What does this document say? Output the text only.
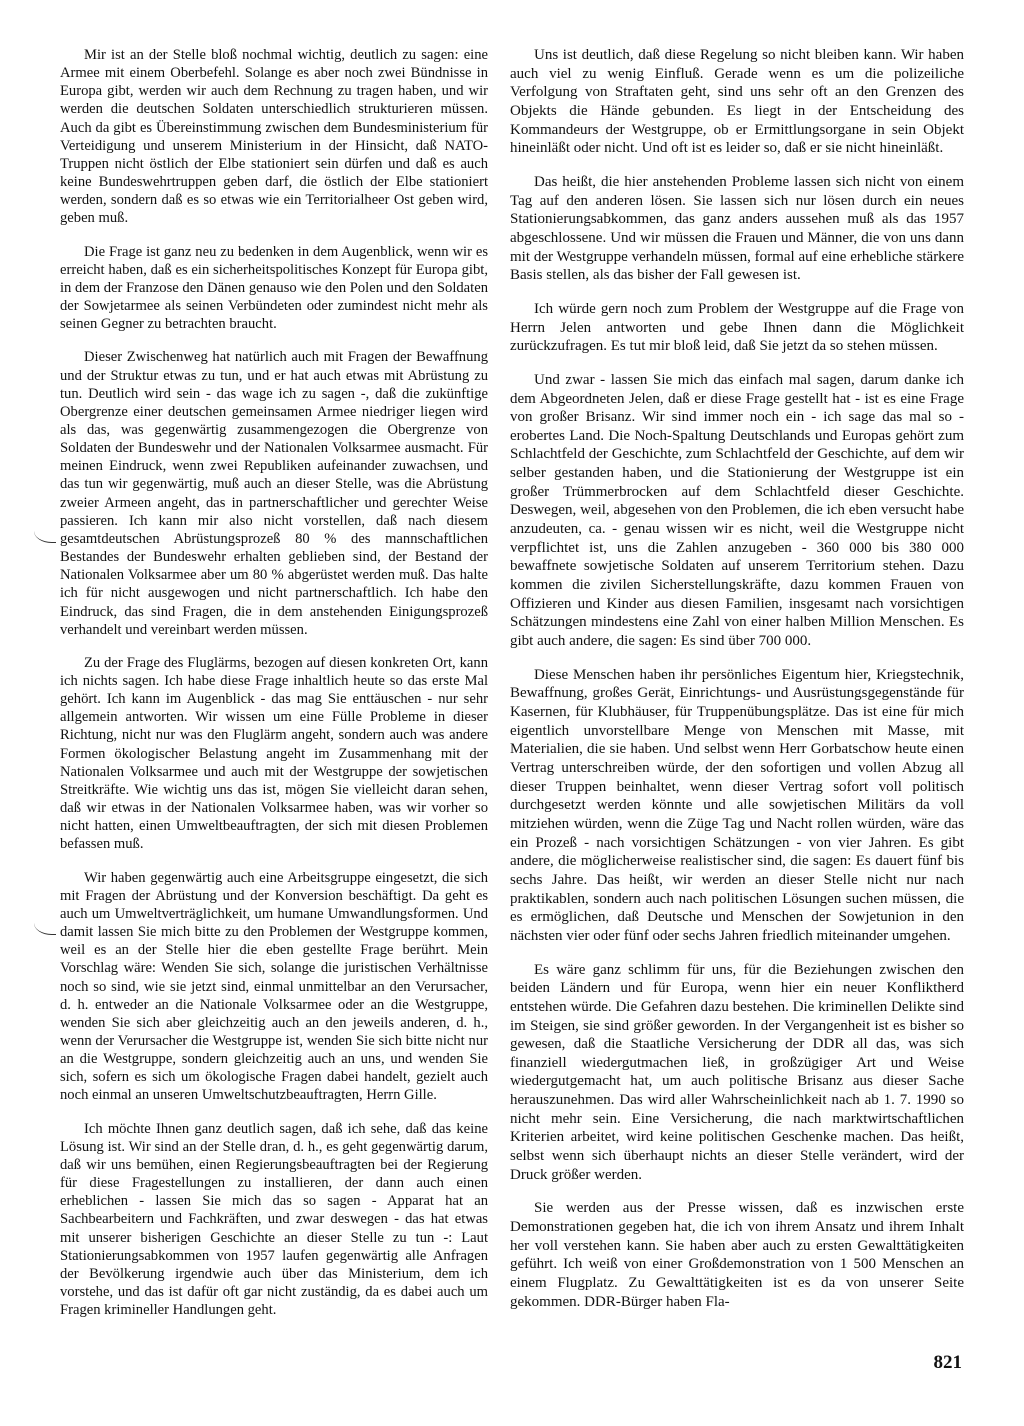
Mir ist an der Stelle bloß nochmal wichtig, deutlich zu sagen: eine Armee mit einem Oberbefehl. Solange es aber noch zwei Bündnisse in Europa gibt, werden wir auch dem Rechnung zu tragen haben, und wir werden die deutschen Soldaten unterschiedlich strukturieren müssen. Auch da gibt es Übereinstimmung zwischen dem Bundesministerium für Verteidigung und unserem Ministerium in der Hinsicht, daß NATO-Truppen nicht östlich der Elbe stationiert sein dürfen und daß es auch keine Bundeswehrtruppen geben darf, die östlich der Elbe stationiert werden, sondern daß es so etwas wie ein Territorialheer Ost geben wird, geben muß.

Die Frage ist ganz neu zu bedenken in dem Augenblick, wenn wir es erreicht haben, daß es ein sicherheitspolitisches Konzept für Europa gibt, in dem der Franzose den Dänen genauso wie den Polen und den Soldaten der Sowjetarmee als seinen Verbündeten oder zumindest nicht mehr als seinen Gegner zu betrachten braucht.

Dieser Zwischenweg hat natürlich auch mit Fragen der Bewaffnung und der Struktur etwas zu tun, und er hat auch etwas mit Abrüstung zu tun. Deutlich wird sein - das wage ich zu sagen -, daß die zukünftige Obergrenze einer deutschen gemeinsamen Armee niedriger liegen wird als das, was gegenwärtig zusammengezogen die Obergrenze von Soldaten der Bundeswehr und der Nationalen Volksarmee ausmacht. Für meinen Eindruck, wenn zwei Republiken aufeinander zuwachsen, und das tun wir gegenwärtig, muß auch an dieser Stelle, was die Abrüstung zweier Armeen angeht, das in partnerschaftlicher und gerechter Weise passieren. Ich kann mir also nicht vorstellen, daß nach diesem gesamtdeutschen Abrüstungsprozeß 80 % des mannschaftlichen Bestandes der Bundeswehr erhalten geblieben sind, der Bestand der Nationalen Volksarmee aber um 80 % abgerüstet werden muß. Das halte ich für nicht ausgewogen und nicht partnerschaftlich. Ich habe den Eindruck, das sind Fragen, die in dem anstehenden Einigungsprozeß verhandelt und vereinbart werden müssen.

Zu der Frage des Fluglärms, bezogen auf diesen konkreten Ort, kann ich nichts sagen. Ich habe diese Frage inhaltlich heute so das erste Mal gehört. Ich kann im Augenblick - das mag Sie enttäuschen - nur sehr allgemein antworten. Wir wissen um eine Fülle Probleme in dieser Richtung, nicht nur was den Fluglärm angeht, sondern auch was andere Formen ökologischer Belastung angeht im Zusammenhang mit der Nationalen Volksarmee und auch mit der Westgruppe der sowjetischen Streitkräfte. Wie wichtig uns das ist, mögen Sie vielleicht daran sehen, daß wir etwas in der Nationalen Volksarmee haben, was wir vorher so nicht hatten, einen Umweltbeauftragten, der sich mit diesen Problemen befassen muß.

Wir haben gegenwärtig auch eine Arbeitsgruppe eingesetzt, die sich mit Fragen der Abrüstung und der Konversion beschäftigt. Da geht es auch um Umweltverträglichkeit, um humane Umwandlungsformen. Und damit lassen Sie mich bitte zu den Problemen der Westgruppe kommen, weil es an der Stelle hier die eben gestellte Frage berührt. Mein Vorschlag wäre: Wenden Sie sich, solange die juristischen Verhältnisse noch so sind, wie sie jetzt sind, einmal unmittelbar an den Verursacher, d. h. entweder an die Nationale Volksarmee oder an die Westgruppe, wenden Sie sich aber gleichzeitig auch an den jeweils anderen, d. h., wenn der Verursacher die Westgruppe ist, wenden Sie sich bitte nicht nur an die Westgruppe, sondern gleichzeitig auch an uns, und wenden Sie sich, sofern es sich um ökologische Fragen dabei handelt, gezielt auch noch einmal an unseren Umweltschutzbeauftragten, Herrn Gille.

Ich möchte Ihnen ganz deutlich sagen, daß ich sehe, daß das keine Lösung ist. Wir sind an der Stelle dran, d. h., es geht gegenwärtig darum, daß wir uns bemühen, einen Regierungsbeauftragten bei der Regierung für diese Fragestellungen zu installieren, der dann auch einen erheblichen - lassen Sie mich das so sagen - Apparat hat an Sachbearbeitern und Fachkräften, und zwar deswegen - das hat etwas mit unserer bisherigen Geschichte an dieser Stelle zu tun -: Laut Stationierungsabkommen von 1957 laufen gegenwärtig alle Anfragen der Bevölkerung irgendwie auch über das Ministerium, dem ich vorstehe, und das ist dafür oft gar nicht zuständig, da es dabei auch um Fragen krimineller Handlungen geht.

Uns ist deutlich, daß diese Regelung so nicht bleiben kann. Wir haben auch viel zu wenig Einfluß. Gerade wenn es um die polizeiliche Verfolgung von Straftaten geht, sind uns sehr oft an den Grenzen des Objekts die Hände gebunden. Es liegt in der Entscheidung des Kommandeurs der Westgruppe, ob er Ermittlungsorgane in sein Objekt hineinläßt oder nicht. Und oft ist es leider so, daß er sie nicht hineinläßt.

Das heißt, die hier anstehenden Probleme lassen sich nicht von einem Tag auf den anderen lösen. Sie lassen sich nur lösen durch ein neues Stationierungsabkommen, das ganz anders aussehen muß als das 1957 abgeschlossene. Und wir müssen die Frauen und Männer, die von uns dann mit der Westgruppe verhandeln müssen, formal auf eine erhebliche stärkere Basis stellen, als das bisher der Fall gewesen ist.

Ich würde gern noch zum Problem der Westgruppe auf die Frage von Herrn Jelen antworten und gebe Ihnen dann die Möglichkeit zurückzufragen. Es tut mir bloß leid, daß Sie jetzt da so stehen müssen.

Und zwar - lassen Sie mich das einfach mal sagen, darum danke ich dem Abgeordneten Jelen, daß er diese Frage gestellt hat - ist es eine Frage von großer Brisanz. Wir sind immer noch ein - ich sage das mal so - erobertes Land. Die Noch-Spaltung Deutschlands und Europas gehört zum Schlachtfeld der Geschichte, zum Schlachtfeld der Geschichte, auf dem wir selber gestanden haben, und die Stationierung der Westgruppe ist ein großer Trümmerbrocken auf dem Schlachtfeld dieser Geschichte. Deswegen, weil, abgesehen von den Problemen, die ich eben versucht habe anzudeuten, ca. - genau wissen wir es nicht, weil die Westgruppe nicht verpflichtet ist, uns die Zahlen anzugeben - 360 000 bis 380 000 bewaffnete sowjetische Soldaten auf unserem Territorium stehen. Dazu kommen die zivilen Sicherstellungskräfte, dazu kommen Frauen von Offizieren und Kinder aus diesen Familien, insgesamt nach vorsichtigen Schätzungen mindestens eine Zahl von einer halben Million Menschen. Es gibt auch andere, die sagen: Es sind über 700 000.

Diese Menschen haben ihr persönliches Eigentum hier, Kriegstechnik, Bewaffnung, großes Gerät, Einrichtungs- und Ausrüstungsgegenstände für Kasernen, für Klubhäuser, für Truppenübungsplätze. Das ist eine für mich eigentlich unvorstellbare Menge von Menschen mit Masse, mit Materialien, die sie haben. Und selbst wenn Herr Gorbatschow heute einen Vertrag unterschreiben würde, der den sofortigen und vollen Abzug all dieser Truppen beinhaltet, wenn dieser Vertrag sofort voll politisch durchgesetzt werden könnte und alle sowjetischen Militärs da voll mitziehen würden, wenn die Züge Tag und Nacht rollen würden, wäre das ein Prozeß - nach vorsichtigen Schätzungen - von vier Jahren. Es gibt andere, die möglicherweise realistischer sind, die sagen: Es dauert fünf bis sechs Jahre. Das heißt, wir werden an dieser Stelle nicht nur nach praktikablen, sondern auch nach politischen Lösungen suchen müssen, die es ermöglichen, daß Deutsche und Menschen der Sowjetunion in den nächsten vier oder fünf oder sechs Jahren friedlich miteinander umgehen.

Es wäre ganz schlimm für uns, für die Beziehungen zwischen den beiden Ländern und für Europa, wenn hier ein neuer Konfliktherd entstehen würde. Die Gefahren dazu bestehen. Die kriminellen Delikte sind im Steigen, sie sind größer geworden. In der Vergangenheit ist es bisher so gewesen, daß die Staatliche Versicherung der DDR all das, was sich finanziell wiedergutmachen ließ, in großzügiger Art und Weise wiedergutgemacht hat, um auch politische Brisanz aus dieser Sache herauszunehmen. Das wird aller Wahrscheinlichkeit nach ab 1. 7. 1990 so nicht mehr sein. Eine Versicherung, die nach marktwirtschaftlichen Kriterien arbeitet, wird keine politischen Geschenke machen. Das heißt, selbst wenn sich überhaupt nichts an dieser Stelle verändert, wird der Druck größer werden.

Sie werden aus der Presse wissen, daß es inzwischen erste Demonstrationen gegeben hat, die ich von ihrem Ansatz und ihrem Inhalt her voll verstehen kann. Sie haben aber auch zu ersten Gewalttätigkeiten geführt. Ich weiß von einer Großdemonstration von 1 500 Menschen an einem Flugplatz. Zu Gewalttätigkeiten ist es da von unserer Seite gekommen. DDR-Bürger haben Fla-

821
